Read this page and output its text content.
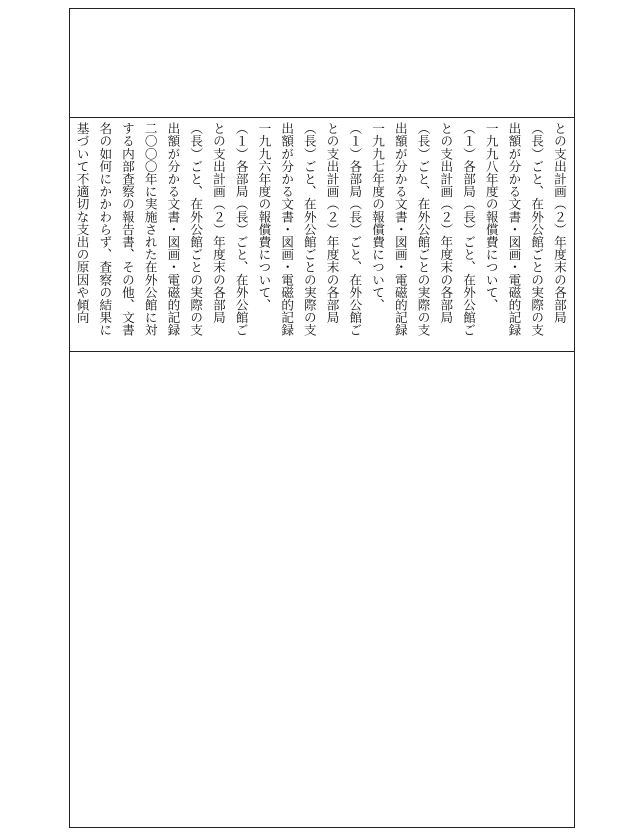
との支出計画（２）年度末の各部局
（長）ごと、在外公館ごとの実際の支
出額が分かる文書・図画・電磁的記録
一九九八年度の報償費について、
（１）各部局（長）ごと、在外公館ご
との支出計画（２）年度末の各部局
（長）ごと、在外公館ごとの実際の支
出額が分かる文書・図画・電磁的記録
一九九七年度の報償費について、
（１）各部局（長）ごと、在外公館ご
との支出計画（２）年度末の各部局
（長）ごと、在外公館ごとの実際の支
出額が分かる文書・図画・電磁的記録
一九九六年度の報償費について、
（１）各部局（長）ごと、在外公館ご
との支出計画（２）年度末の各部局
（長）ごと、在外公館ごとの実際の支
出額が分かる文書・図画・電磁的記録
二〇〇〇年に実施された在外公館に対
する内部査察の報告書、その他、文書
名の如何にかかわらず、査察の結果に
基づいて不適切な支出の原因や傾向
